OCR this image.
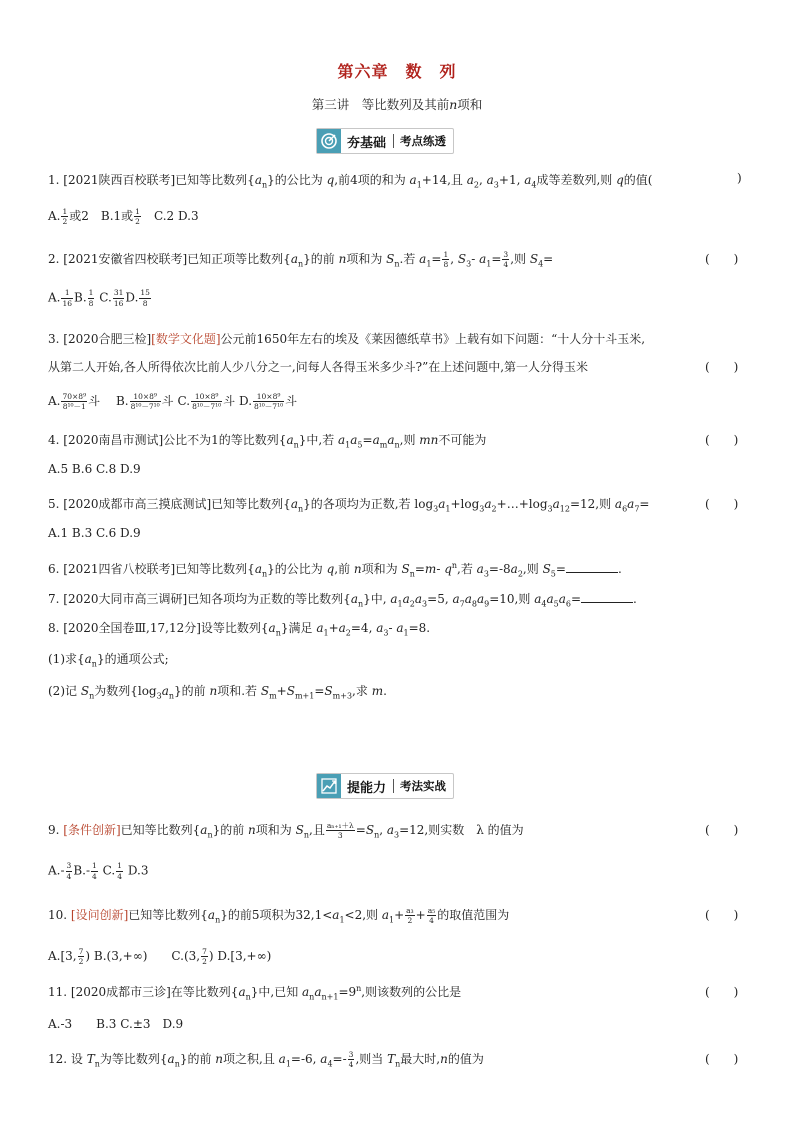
第六章　数　列
第三讲　等比数列及其前n项和
夯基础	考点练透
1. [2021陕西百校联考]已知等比数列$\{a_n\}$的公比为 q,前4项的和为 $a_1+14$,且 $a_2$, $a_3+1$, $a_4$成等差数列,则 q的值(	)
A. $\frac{1}{2}$ 或2　B.1或 $\frac{1}{2}$ 　C.2 D.3
2. [2021安徽省四校联考]已知正项等比数列$\{a_n\}$的前 n项和为 $S_n$.若 $a_1= \frac{1}{8}$ , $S_3-$ $a_1= \frac{3}{4}$ ,则 $S_4=$	(　　)
A. $\frac{1}{16} B$. $\frac{1}{8} C$. $\frac{31}{16} D$. $\frac{15}{8}$
3. [2020合肥三检][数学文化题]公元前1650年左右的埃及《莱因德纸草书》上载有如下问题：“十人分十斗玉米,
从第二人开始,各人所得依次比前人少八分之一,问每人各得玉米多少斗?”在上述问题中,第一人分得玉米	(　　)
A. $\frac{\text{70×8⁹}}{\text{8¹⁰－1}}$ 斗　 B. $\frac{\text{10×8⁹}}{\text{8¹⁰－7¹⁰}}$ 斗 C. $\frac{\text{10×8⁹}}{\text{8¹⁰－7¹⁰}}$ 斗 D. $\frac{\text{10×8⁹}}{\text{8¹⁰－7¹⁰}}$ 斗
4. [2020南昌市测试]公比不为1的等比数列$\{a_n\}$中,若 $a_1a_5=a_ma_n$,则 mn不可能为	(　　)
A.5 B.6 C.8 D.9
5. [2020成都市高三摸底测试]已知等比数列$\{a_n\}$的各项均为正数,若 $\log_3a_1+\log_3a_2+\dots+\log_3a_{12}=12$,则 $a_6a_7=$	(　　)
A.1 B.3 C.6 D.9
6. [2021四省八校联考]已知等比数列$\{a_n\}$的公比为 q,前 n项和为 $S_n=m-$ $q^n$,若 $a_3=-8a_2$,则 $S_5=$	.
7. [2020大同市高三调研]已知各项均为正数的等比数列$\{a_n\}$中, $a_1a_2a_3=5$, $a_7a_8a_9=10$,则 $a_4a_5a_6=$	.
8. [2020全国卷Ⅲ,17,12分]设等比数列$\{a_n\}$满足 $a_1+a_2=4$, $a_3-$ $a_1=8$.
(1)求$\{a_n\}$的通项公式;
(2)记 $S_n$为数列$\{\log_3a_n\}$的前 n项和.若 $S_m+S_{m+1}=S_{m+3}$,求 m.
提能力	考法实战
9. [条件创新]已知等比数列$\{a_n\}$的前 n项和为 $S_n$,且 $\frac{\text{aₙ₊₁＋λ}}{3} =S_n$, $a_3=12$,则实数　λ 的值为	(　　)
$A.- \frac{3}{4} B.- \frac{1}{4} C$. $\frac{1}{4} D.3$
10. [设问创新]已知等比数列$\{a_n\}$的前5项积为$32,1<a_1<2$,则 $a_1+ \frac{\text{a₃}}{2} + \frac{\text{a₅}}{4}$ 的取值范围为	(　　)
A.[3, $\frac{7}{2}$ ) B.(3,+∞)　　C.(3, $\frac{7}{2}$ ) D.[3,+∞)
11. [2020成都市三诊]在等比数列$\{a_n\}$中,已知 $a_na_{n+1}=9^n$,则该数列的公比是	(　　)
A.-3　　B.3 C.±3　D.9
12. 设 $T_n$为等比数列$\{a_n\}$的前 n项之积,且 $a_1=-6$, $a_4=- \frac{3}{4}$ ,则当 $T_n$最大时,n的值为	(　　)
